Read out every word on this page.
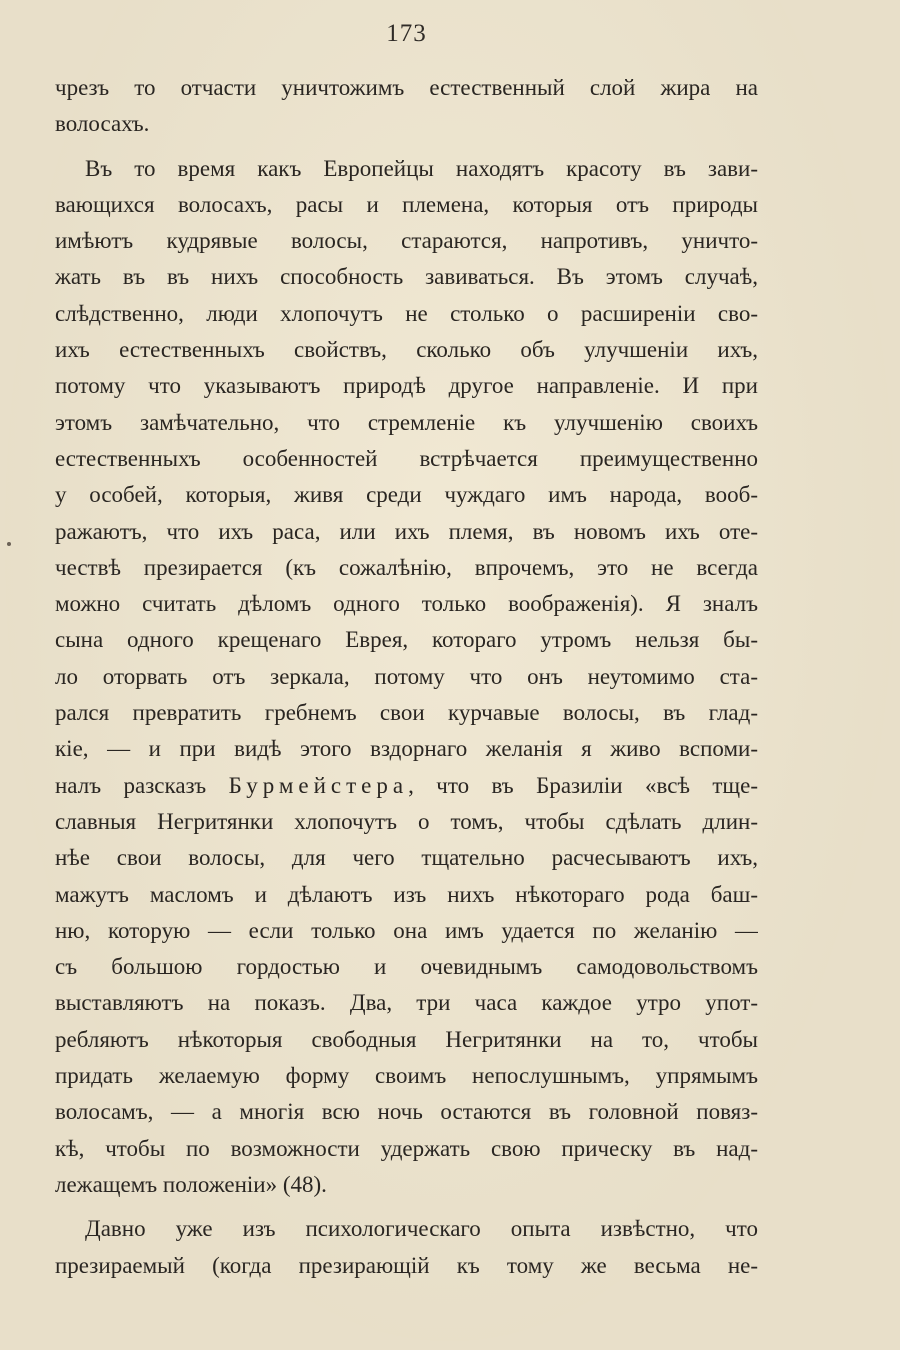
173
чрезъ то отчасти уничтожимъ естественный слой жира на
волосахъ.
Въ то время какъ Европейцы находятъ красоту въ зави-
вающихся волосахъ, расы и племена, которыя отъ природы
имѣютъ кудрявые волосы, стараются, напротивъ, уничто-
жать въ въ нихъ способность завиваться. Въ этомъ случаѣ,
слѣдственно, люди хлопочутъ не столько о расширеніи сво-
ихъ естественныхъ свойствъ, сколько объ улучшеніи ихъ,
потому что указываютъ природѣ другое направленіе. И при
этомъ замѣчательно, что стремленіе къ улучшенію своихъ
естественныхъ особенностей встрѣчается преимущественно
у особей, которыя, живя среди чуждаго имъ народа, вооб-
ражаютъ, что ихъ раса, или ихъ племя, въ новомъ ихъ оте-
чествѣ презирается (къ сожалѣнію, впрочемъ, это не всегда
можно считать дѣломъ одного только воображенія). Я зналъ
сына одного крещенаго Еврея, котораго утромъ нельзя бы-
ло оторвать отъ зеркала, потому что онъ неутомимо ста-
рался превратить гребнемъ свои курчавые волосы, въ глад-
кіе, — и при видѣ этого вздорнаго желанія я живо вспоми-
налъ разсказъ Бурмейстера, что въ Бразиліи «всѣ тще-
славныя Негритянки хлопочутъ о томъ, чтобы сдѣлать длин-
нѣе свои волосы, для чего тщательно расчесываютъ ихъ,
мажутъ масломъ и дѣлаютъ изъ нихъ нѣкотораго рода баш-
ню, которую — если только она имъ удается по желанію —
съ большою гордостью и очевиднымъ самодовольствомъ
выставляютъ на показъ. Два, три часа каждое утро упот-
ребляютъ нѣкоторыя свободныя Негритянки на то, чтобы
придать желаемую форму своимъ непослушнымъ, упрямымъ
волосамъ, — а многія всю ночь остаются въ головной повяз-
кѣ, чтобы по возможности удержать свою прическу въ над-
лежащемъ положеніи» (48).
Давно уже изъ психологическаго опыта извѣстно, что
презираемый (когда презирающій къ тому же весьма не-
